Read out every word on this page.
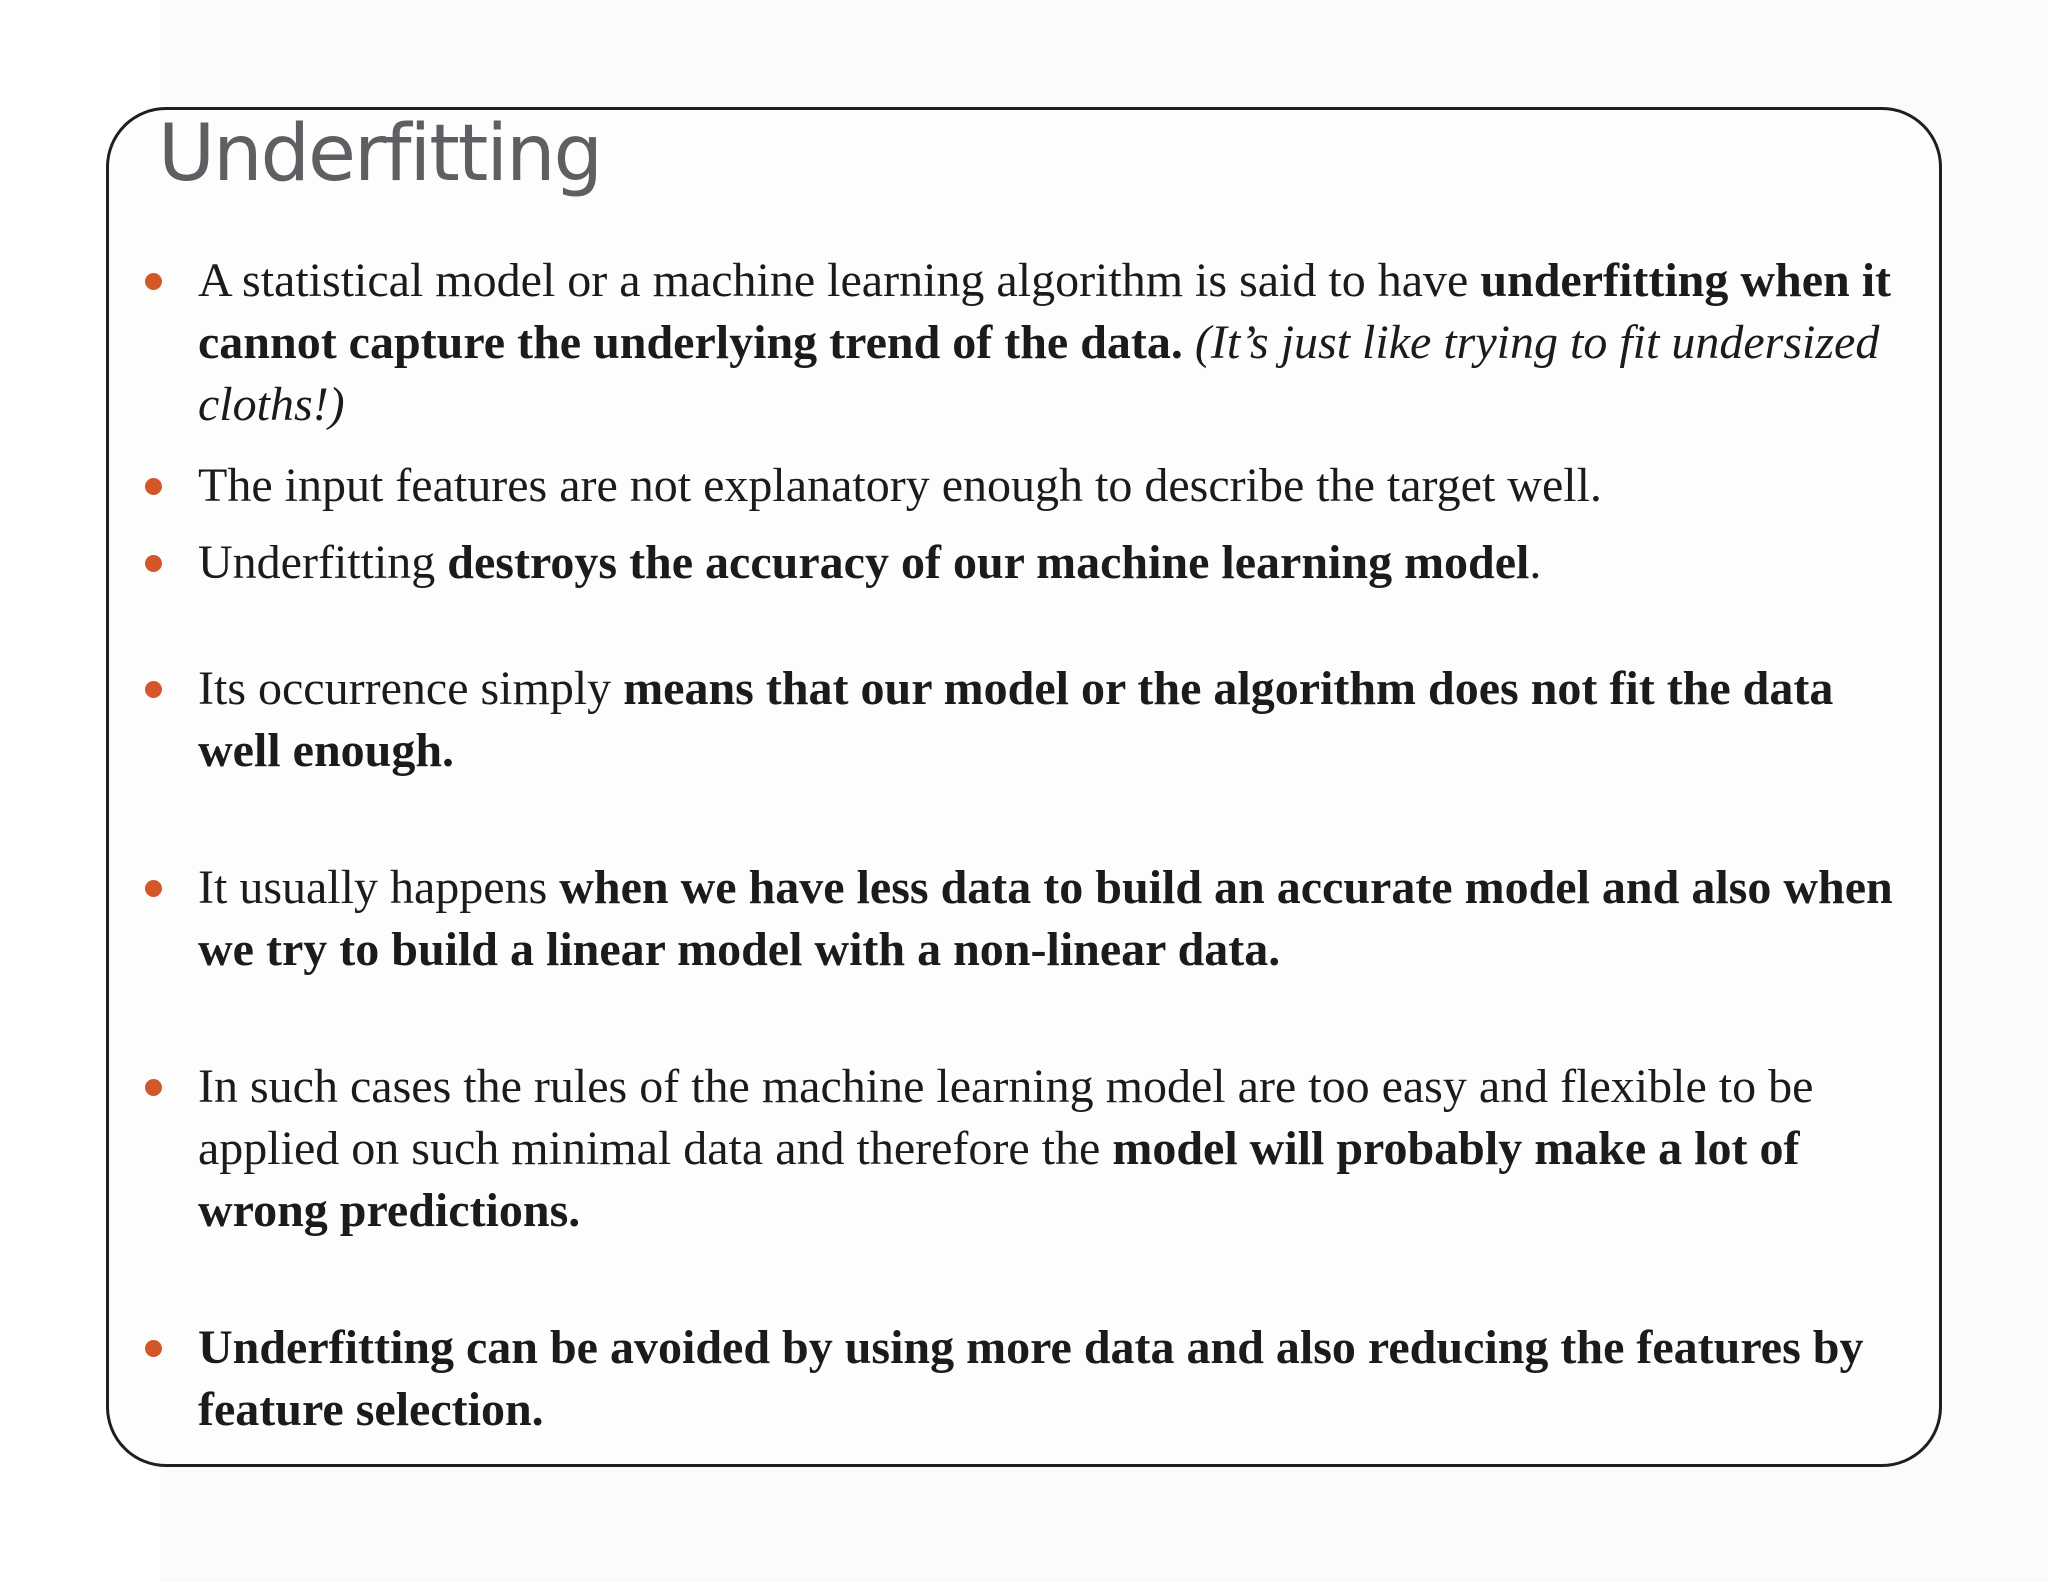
Underfitting
A statistical model or a machine learning algorithm is said to have underfitting when it cannot capture the underlying trend of the data. (It’s just like trying to fit undersized cloths!)
The input features are not explanatory enough to describe the target well.
Underfitting destroys the accuracy of our machine learning model.
Its occurrence simply means that our model or the algorithm does not fit the data well enough.
It usually happens when we have less data to build an accurate model and also when we try to build a linear model with a non-linear data.
In such cases the rules of the machine learning model are too easy and flexible to be applied on such minimal data and therefore the model will probably make a lot of wrong predictions.
Underfitting can be avoided by using more data and also reducing the features by feature selection.
